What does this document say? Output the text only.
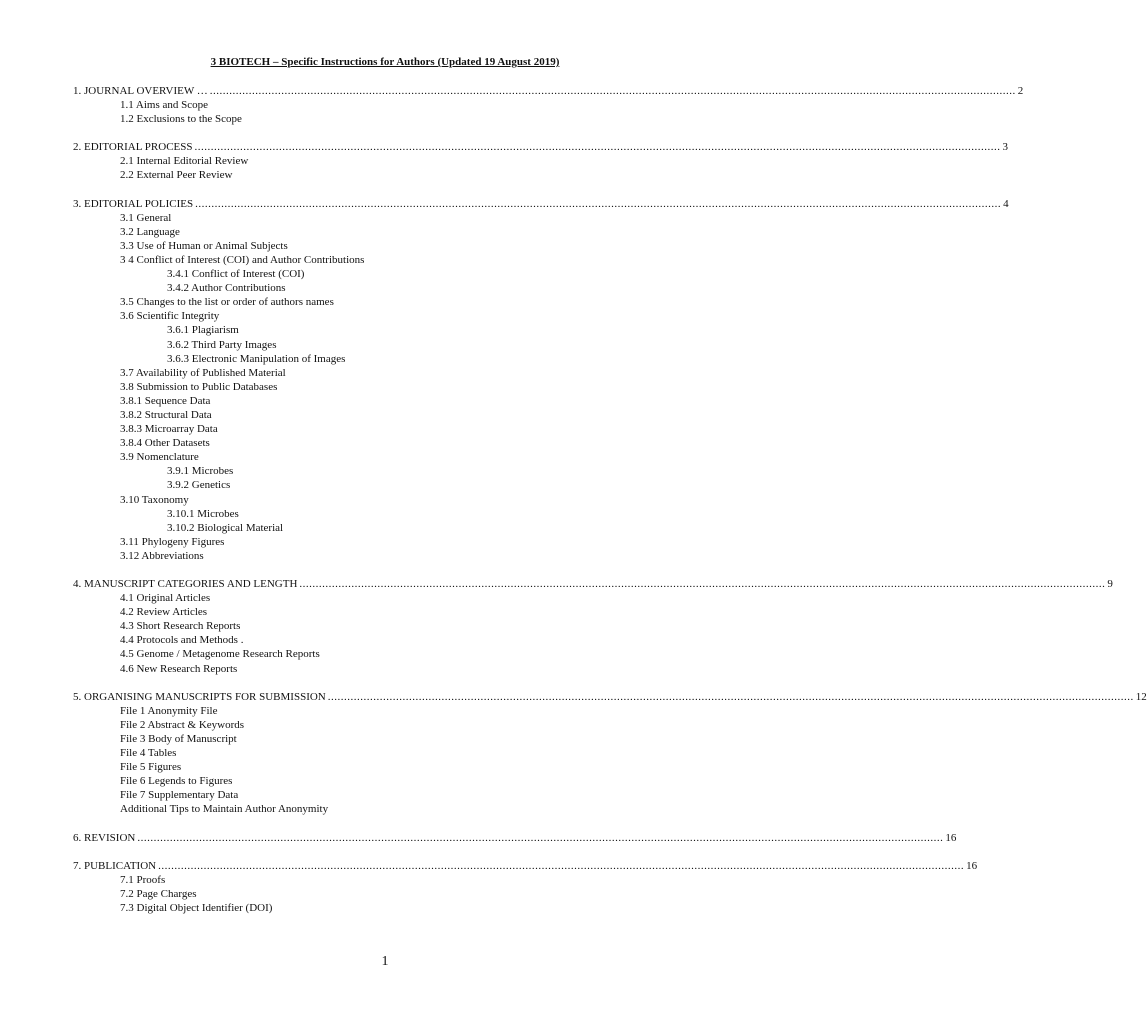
3 BIOTECH – Specific Instructions for Authors (Updated 19 August 2019)
1. JOURNAL OVERVIEW … ........................................................................................................................................................................................................................................................ 2
1.1 Aims and Scope
1.2 Exclusions to the Scope
2. EDITORIAL PROCESS ........................................................................................................................................................................................................................................................ 3
2.1 Internal Editorial Review
2.2 External Peer Review
3. EDITORIAL POLICIES ........................................................................................................................................................................................................................................................ 4
3.1 General
3.2 Language
3.3 Use of Human or Animal Subjects
3 4 Conflict of Interest (COI) and Author Contributions
3.4.1 Conflict of Interest (COI)
3.4.2 Author Contributions
3.5 Changes to the list or order of authors names
3.6 Scientific Integrity
3.6.1 Plagiarism
3.6.2 Third Party Images
3.6.3 Electronic Manipulation of Images
3.7 Availability of Published Material
3.8 Submission to Public Databases
3.8.1 Sequence Data
3.8.2 Structural Data
3.8.3 Microarray Data
3.8.4 Other Datasets
3.9 Nomenclature
3.9.1 Microbes
3.9.2 Genetics
3.10 Taxonomy
3.10.1 Microbes
3.10.2 Biological Material
3.11 Phylogeny Figures
3.12 Abbreviations
4. MANUSCRIPT CATEGORIES AND LENGTH ........................................................................................................................................................................................................................................................ 9
4.1 Original Articles
4.2 Review Articles
4.3 Short Research Reports
4.4 Protocols and Methods .
4.5 Genome / Metagenome Research Reports
4.6 New Research Reports
5. ORGANISING MANUSCRIPTS FOR SUBMISSION ........................................................................................................................................................................................................................................................ 12
File 1 Anonymity File
File 2 Abstract & Keywords
File 3 Body of Manuscript
File 4 Tables
File 5 Figures
File 6 Legends to Figures
File 7 Supplementary Data
Additional Tips to Maintain Author Anonymity
6. REVISION ........................................................................................................................................................................................................................................................ 16
7. PUBLICATION ........................................................................................................................................................................................................................................................ 16
7.1 Proofs
7.2 Page Charges
7.3 Digital Object Identifier (DOI)
1
